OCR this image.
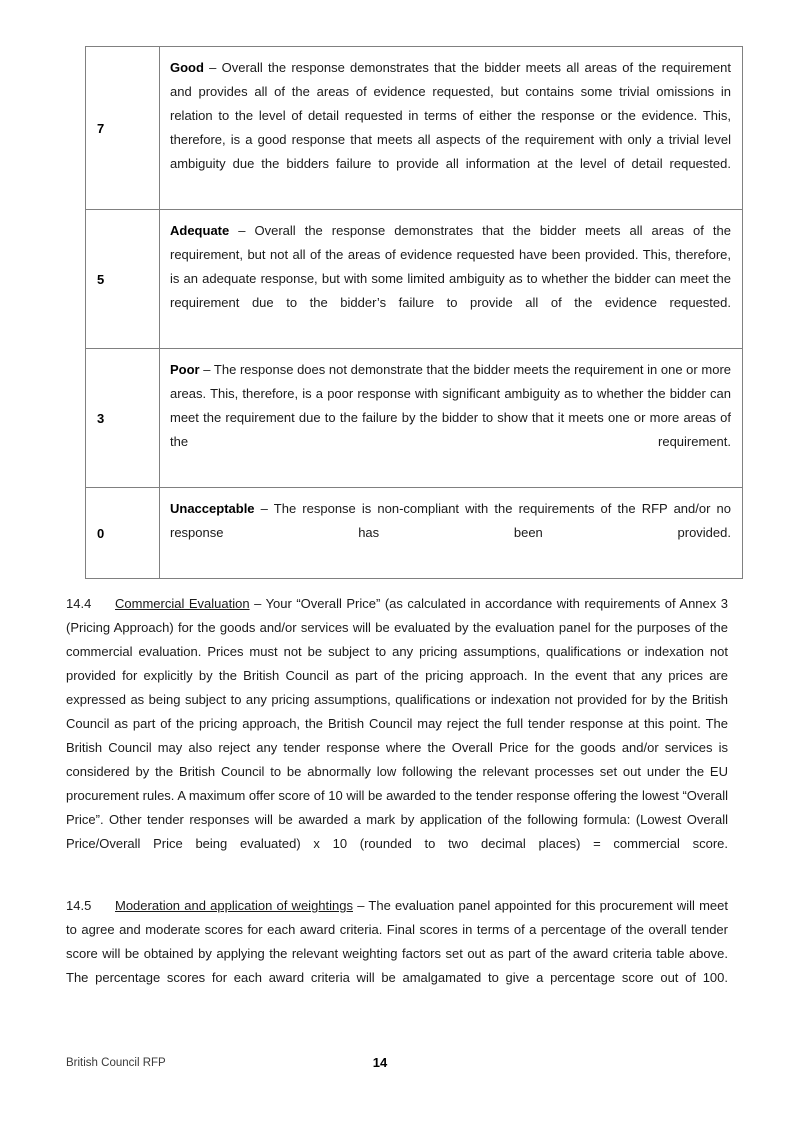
7	Good – Overall the response demonstrates that the bidder meets all areas of the requirement and provides all of the areas of evidence requested, but contains some trivial omissions in relation to the level of detail requested in terms of either the response or the evidence. This, therefore, is a good response that meets all aspects of the requirement with only a trivial level ambiguity due the bidders failure to provide all information at the level of detail requested.

5	Adequate – Overall the response demonstrates that the bidder meets all areas of the requirement, but not all of the areas of evidence requested have been provided. This, therefore, is an adequate response, but with some limited ambiguity as to whether the bidder can meet the requirement due to the bidder’s failure to provide all of the evidence requested.

3	Poor – The response does not demonstrate that the bidder meets the requirement in one or more areas. This, therefore, is a poor response with significant ambiguity as to whether the bidder can meet the requirement due to the failure by the bidder to show that it meets one or more areas of the requirement.

0	Unacceptable – The response is non-compliant with the requirements of the RFP and/or no response has been provided.

14.4 Commercial Evaluation – Your “Overall Price” (as calculated in accordance with requirements of Annex 3 (Pricing Approach) for the goods and/or services will be evaluated by the evaluation panel for the purposes of the commercial evaluation. Prices must not be subject to any pricing assumptions, qualifications or indexation not provided for explicitly by the British Council as part of the pricing approach. In the event that any prices are expressed as being subject to any pricing assumptions, qualifications or indexation not provided for by the British Council as part of the pricing approach, the British Council may reject the full tender response at this point. The British Council may also reject any tender response where the Overall Price for the goods and/or services is considered by the British Council to be abnormally low following the relevant processes set out under the EU procurement rules. A maximum offer score of 10 will be awarded to the tender response offering the lowest “Overall Price”. Other tender responses will be awarded a mark by application of the following formula: (Lowest Overall Price/Overall Price being evaluated) x 10 (rounded to two decimal places) = commercial score.

14.5 Moderation and application of weightings – The evaluation panel appointed for this procurement will meet to agree and moderate scores for each award criteria. Final scores in terms of a percentage of the overall tender score will be obtained by applying the relevant weighting factors set out as part of the award criteria table above. The percentage scores for each award criteria will be amalgamated to give a percentage score out of 100.

British Council RFP	14
